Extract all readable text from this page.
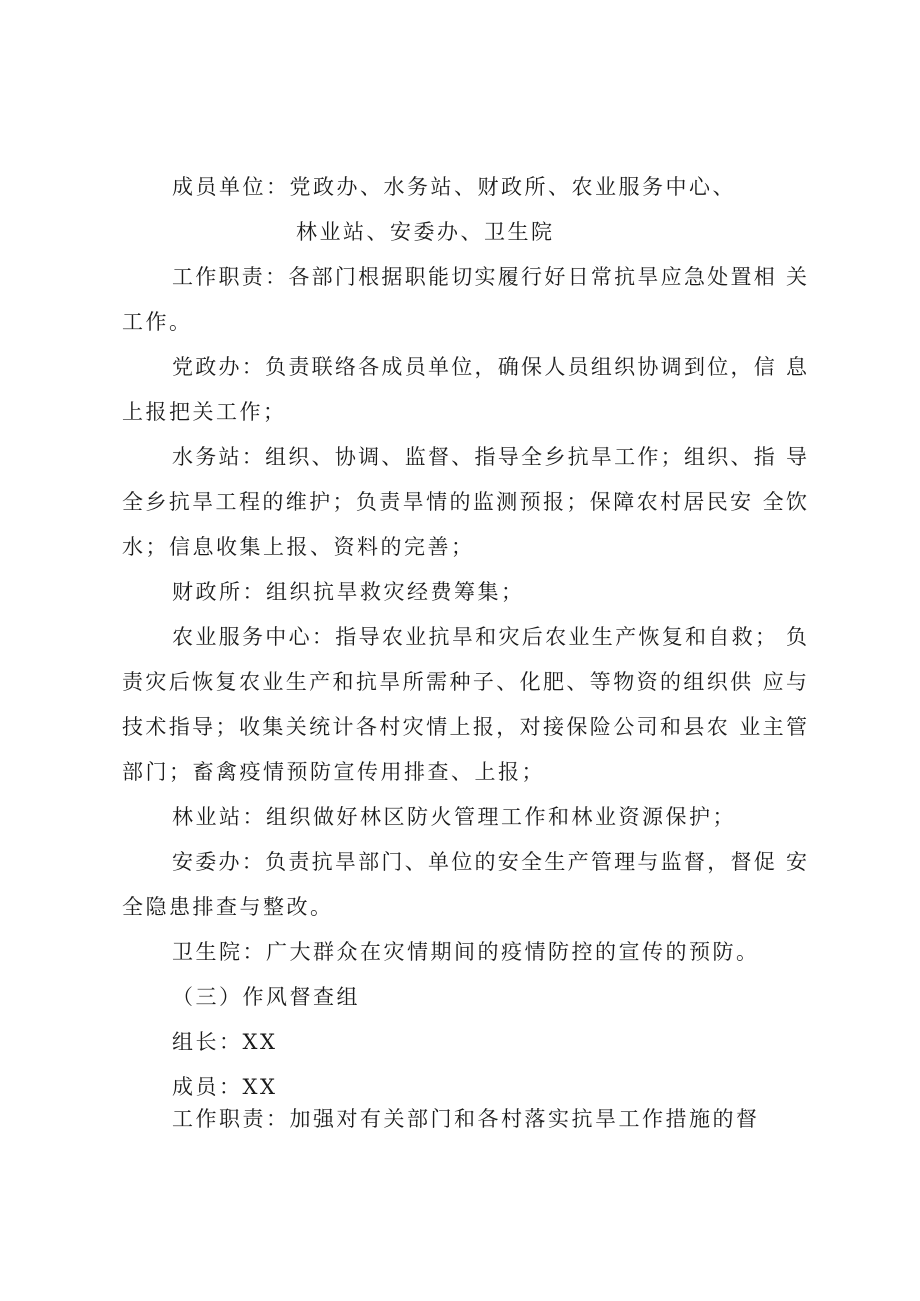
成员单位：党政办、水务站、财政所、农业服务中心、
林业站、安委办、卫生院
工作职责：各部门根据职能切实履行好日常抗旱应急处置相 关
工作。
党政办：负责联络各成员单位，确保人员组织协调到位，信 息
上报把关工作；
水务站：组织、协调、监督、指导全乡抗旱工作；组织、指 导
全乡抗旱工程的维护；负责旱情的监测预报；保障农村居民安 全饮
水；信息收集上报、资料的完善；
财政所：组织抗旱救灾经费筹集；
农业服务中心：指导农业抗旱和灾后农业生产恢复和自救； 负
责灾后恢复农业生产和抗旱所需种子、化肥、等物资的组织供 应与
技术指导；收集关统计各村灾情上报，对接保险公司和县农 业主管
部门；畜禽疫情预防宣传用排查、上报；
林业站：组织做好林区防火管理工作和林业资源保护；
安委办：负责抗旱部门、单位的安全生产管理与监督，督促 安
全隐患排查与整改。
卫生院：广大群众在灾情期间的疫情防控的宣传的预防。
（三）作风督查组
组长：XX
成员：XX
工作职责：加强对有关部门和各村落实抗旱工作措施的督
